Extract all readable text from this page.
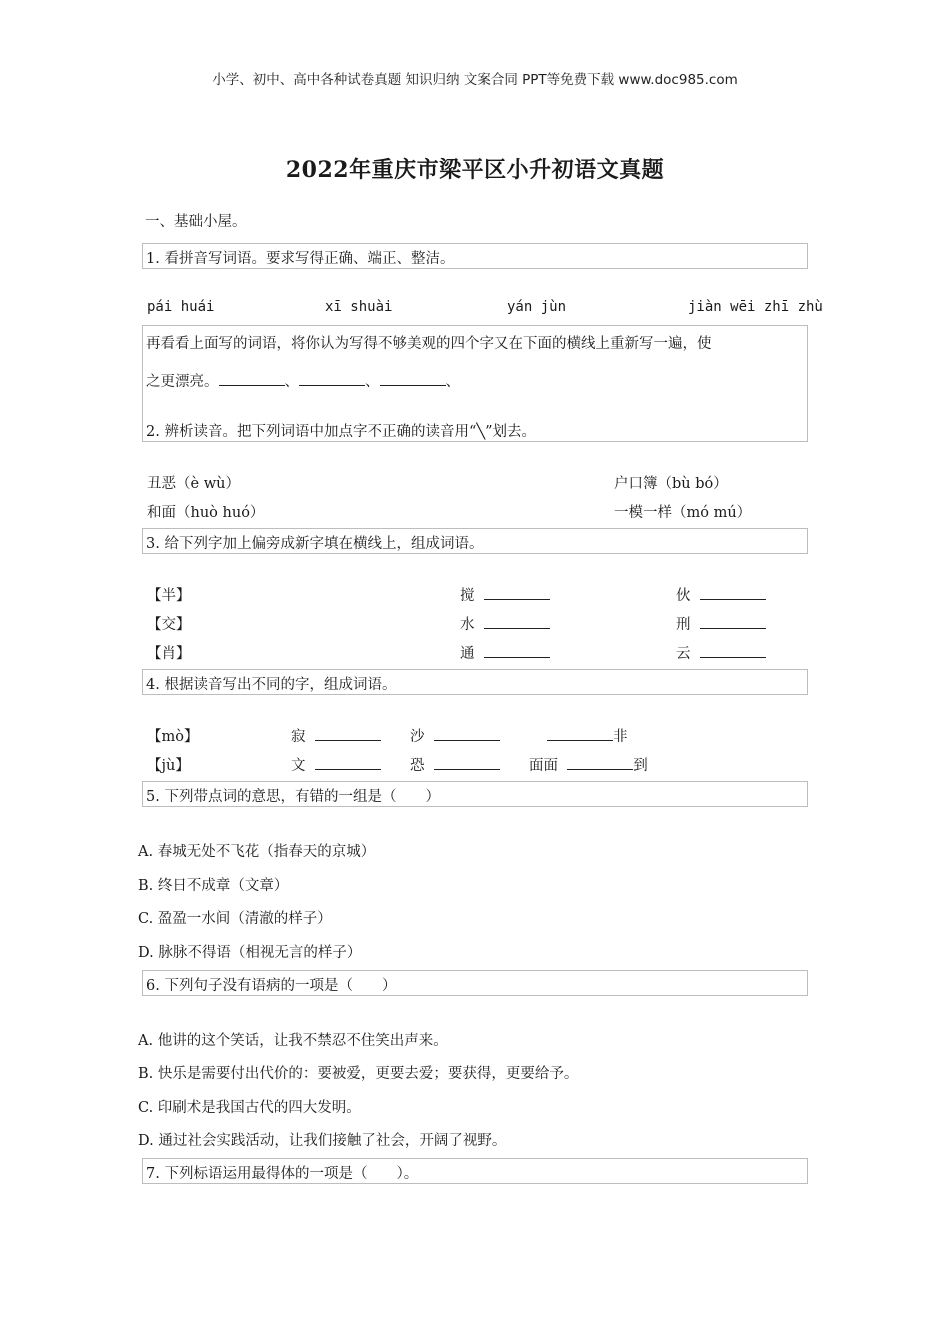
小学、初中、高中各种试卷真题 知识归纳 文案合同 PPT等免费下载 www.doc985.com
2022年重庆市梁平区小升初语文真题
一、基础小屋。
1. 看拼音写词语。要求写得正确、端正、整洁。
pái huái	xī shuài	yán jùn	jiàn wēi zhī zhù
再看看上面写的词语，将你认为写得不够美观的四个字又在下面的横线上重新写一遍，使
之更漂亮。	、	、	、
2. 辨析读音。把下列词语中加点字不正确的读音用“╲”划去。
丑恶（è wù）	户口簿（bù bó）
和面（huò huó）	一模一样（mó mú）
3. 给下列字加上偏旁成新字填在横线上，组成词语。
【半】	搅	伙
【交】	水	刑
【肖】	通	云
4. 根据读音写出不同的字，组成词语。
【mò】	寂	沙	非
【jù】	文	恐	面面	到
5. 下列带点词的意思，有错的一组是（　　）
A. 春城无处不飞花（指春天的京城）
B. 终日不成章（文章）
C. 盈盈一水间（清澈的样子）
D. 脉脉不得语（相视无言的样子）
6. 下列句子没有语病的一项是（　　）
A. 他讲的这个笑话，让我不禁忍不住笑出声来。
B. 快乐是需要付出代价的：要被爱，更要去爱；要获得，更要给予。
C. 印刷术是我国古代的四大发明。
D. 通过社会实践活动，让我们接触了社会，开阔了视野。
7. 下列标语运用最得体的一项是（　　）。
